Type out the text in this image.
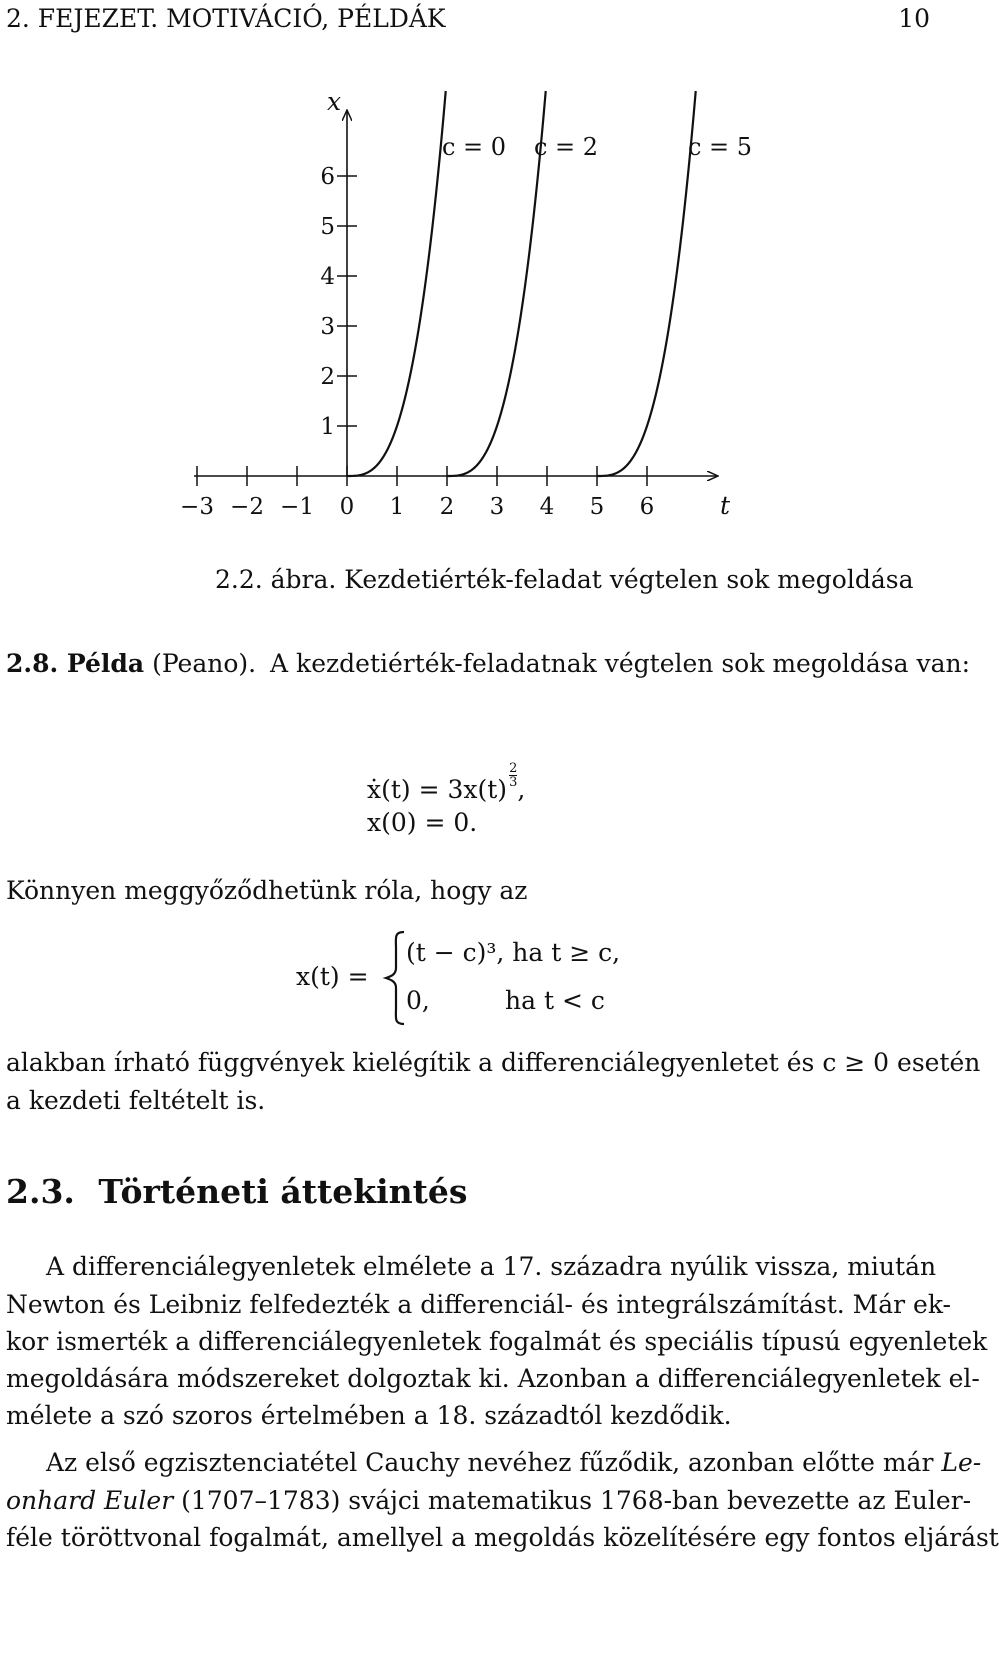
2. FEJEZET. MOTIVÁCIÓ, PÉLDÁK	10
−3 −2 −1 0 1 2 3 4 5 6
1
2
3
4
5
6
t
x
c = 0 c = 2	c = 5
2.2. ábra. Kezdetiérték-feladat végtelen sok megoldása
2.8. Példa (Peano). A kezdetiérték-feladatnak végtelen sok megoldása van:
ẋ(t) = $3x(t) \frac{2}{3}$ ,
x(0) = 0.
Könnyen meggyőződhetünk róla, hogy az
x(t) =
(t − c)³, ha t ≥ c,
0,	ha t < c
alakban írható függvények kielégítik a differenciálegyenletet és c ≥ 0 esetén
a kezdeti feltételt is.
2.3. Történeti áttekintés
A differenciálegyenletek elmélete a 17. századra nyúlik vissza, miután
Newton és Leibniz felfedezték a differenciál- és integrálszámítást. Már ek-
kor ismerték a differenciálegyenletek fogalmát és speciális típusú egyenletek
megoldására módszereket dolgoztak ki. Azonban a differenciálegyenletek el-
mélete a szó szoros értelmében a 18. századtól kezdődik.
Az első egzisztenciatétel Cauchy nevéhez fűződik, azonban előtte már Le-
onhard Euler (1707–1783) svájci matematikus 1768-ban bevezette az Euler-
féle töröttvonal fogalmát, amellyel a megoldás közelítésére egy fontos eljárást
